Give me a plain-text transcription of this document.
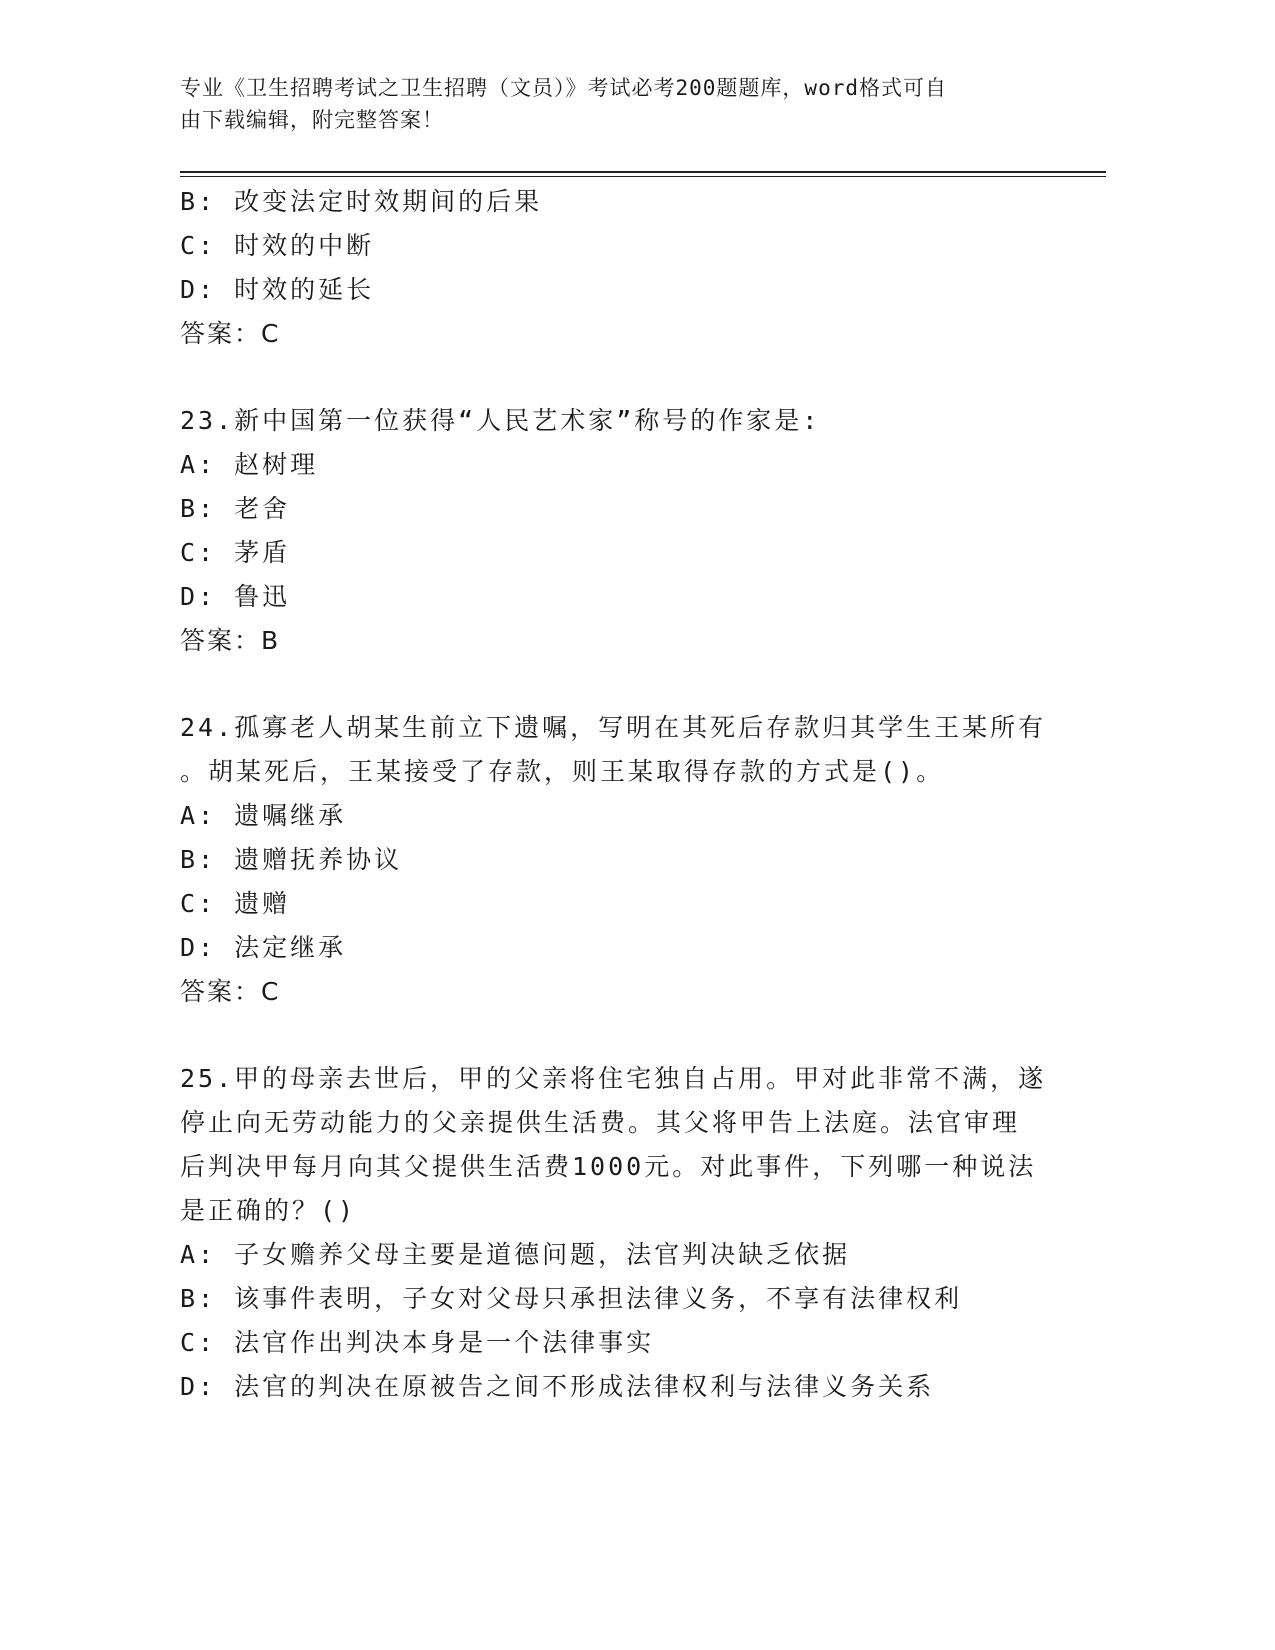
专业《卫生招聘考试之卫生招聘（文员）》考试必考200题题库，word格式可自
由下载编辑，附完整答案！
B: 改变法定时效期间的后果
C: 时效的中断
D: 时效的延长
答案：C
23.新中国第一位获得“人民艺术家”称号的作家是:
A: 赵树理
B: 老舍
C: 茅盾
D: 鲁迅
答案：B
24.孤寡老人胡某生前立下遗嘱，写明在其死后存款归其学生王某所有
。胡某死后，王某接受了存款，则王某取得存款的方式是()。
A: 遗嘱继承
B: 遗赠抚养协议
C: 遗赠
D: 法定继承
答案：C
25.甲的母亲去世后，甲的父亲将住宅独自占用。甲对此非常不满，遂
停止向无劳动能力的父亲提供生活费。其父将甲告上法庭。法官审理
后判决甲每月向其父提供生活费1000元。对此事件，下列哪一种说法
是正确的？()
A: 子女赡养父母主要是道德问题，法官判决缺乏依据
B: 该事件表明，子女对父母只承担法律义务，不享有法律权利
C: 法官作出判决本身是一个法律事实
D: 法官的判决在原被告之间不形成法律权利与法律义务关系
